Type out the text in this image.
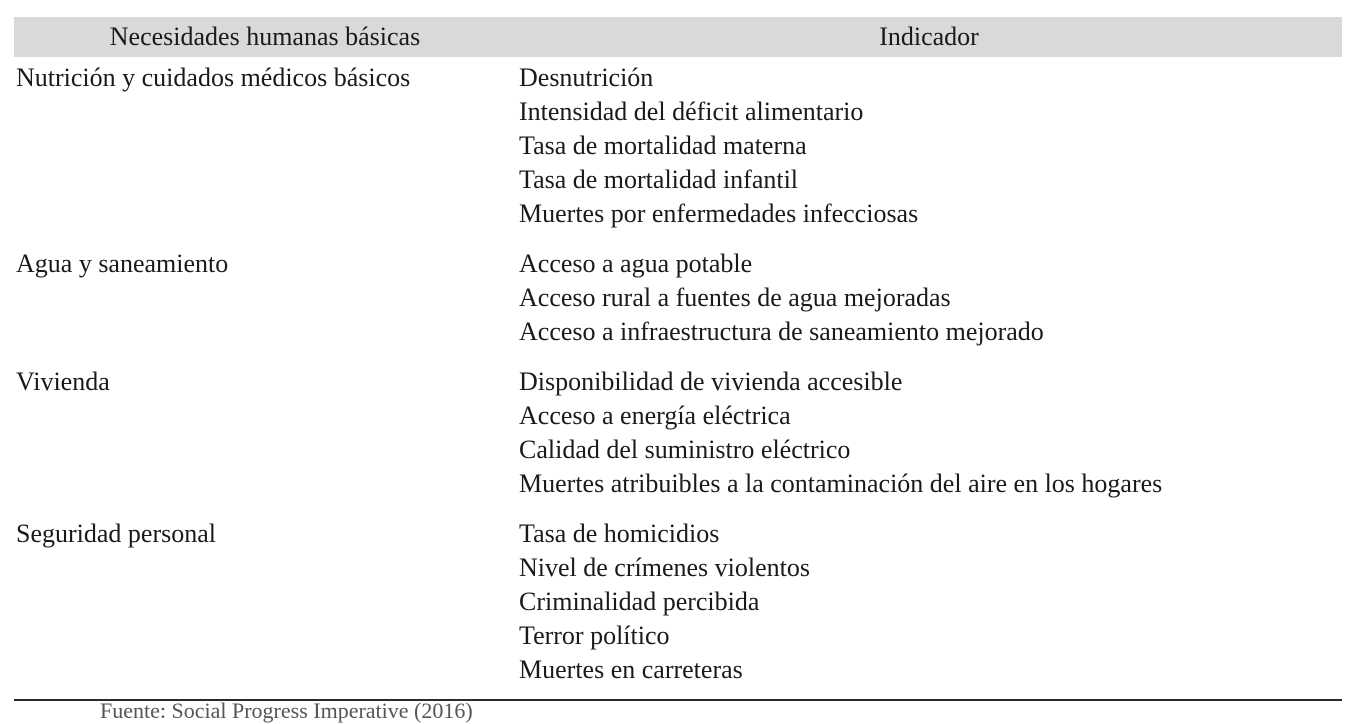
Necesidades humanas básicas	Indicador
Nutrición y cuidados médicos básicos	Desnutrición
Intensidad del déficit alimentario
Tasa de mortalidad materna
Tasa de mortalidad infantil
Muertes por enfermedades infecciosas
Agua y saneamiento	Acceso a agua potable
Acceso rural a fuentes de agua mejoradas
Acceso a infraestructura de saneamiento mejorado
Vivienda	Disponibilidad de vivienda accesible
Acceso a energía eléctrica
Calidad del suministro eléctrico
Muertes atribuibles a la contaminación del aire en los hogares
Seguridad personal	Tasa de homicidios
Nivel de crímenes violentos
Criminalidad percibida
Terror político
Muertes en carreteras
Fuente: Social Progress Imperative (2016)
